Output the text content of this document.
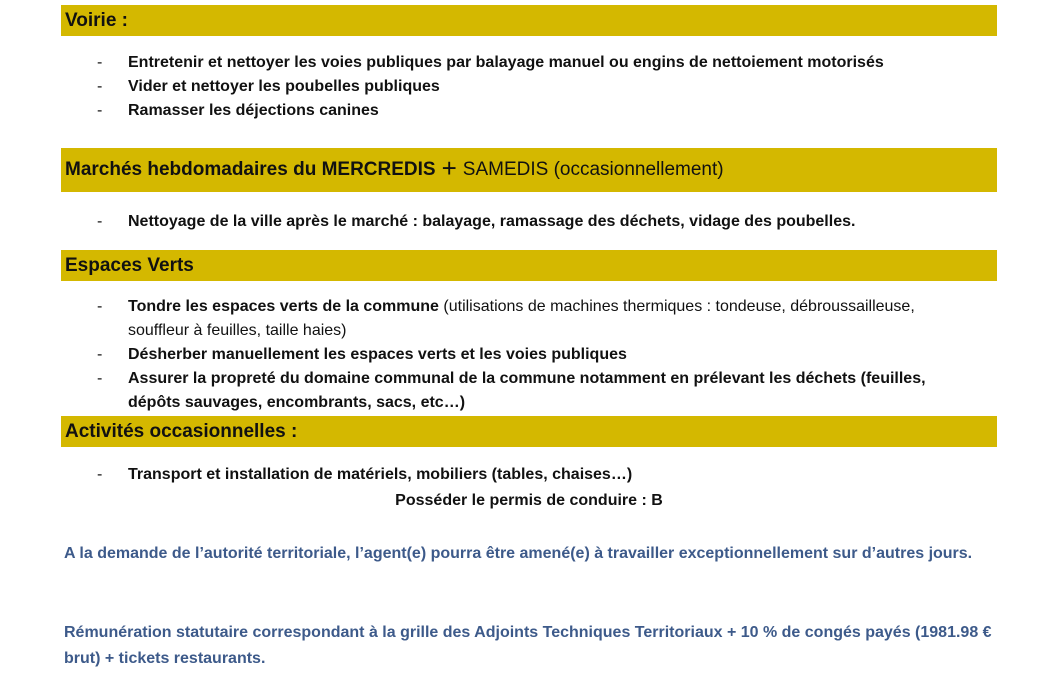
Voirie :
- Entretenir et nettoyer les voies publiques par balayage manuel ou engins de nettoiement motorisés
- Vider et nettoyer les poubelles publiques
- Ramasser les déjections canines
Marchés hebdomadaires du MERCREDIS + SAMEDIS (occasionnellement)
- Nettoyage de la ville après le marché : balayage, ramassage des déchets, vidage des poubelles.
Espaces Verts
- Tondre les espaces verts de la commune (utilisations de machines thermiques : tondeuse, débroussailleuse, souffleur à feuilles, taille haies)
- Désherber manuellement les espaces verts et les voies publiques
- Assurer la propreté du domaine communal de la commune notamment en prélevant les déchets (feuilles, dépôts sauvages, encombrants, sacs, etc…)
Activités occasionnelles :
- Transport et installation de matériels, mobiliers (tables, chaises…)
Posséder le permis de conduire : B
A la demande de l’autorité territoriale, l’agent(e) pourra être amené(e) à travailler exceptionnellement sur d’autres jours.
Rémunération statutaire correspondant à la grille des Adjoints Techniques Territoriaux + 10 % de congés payés (1981.98 € brut) + tickets restaurants.
